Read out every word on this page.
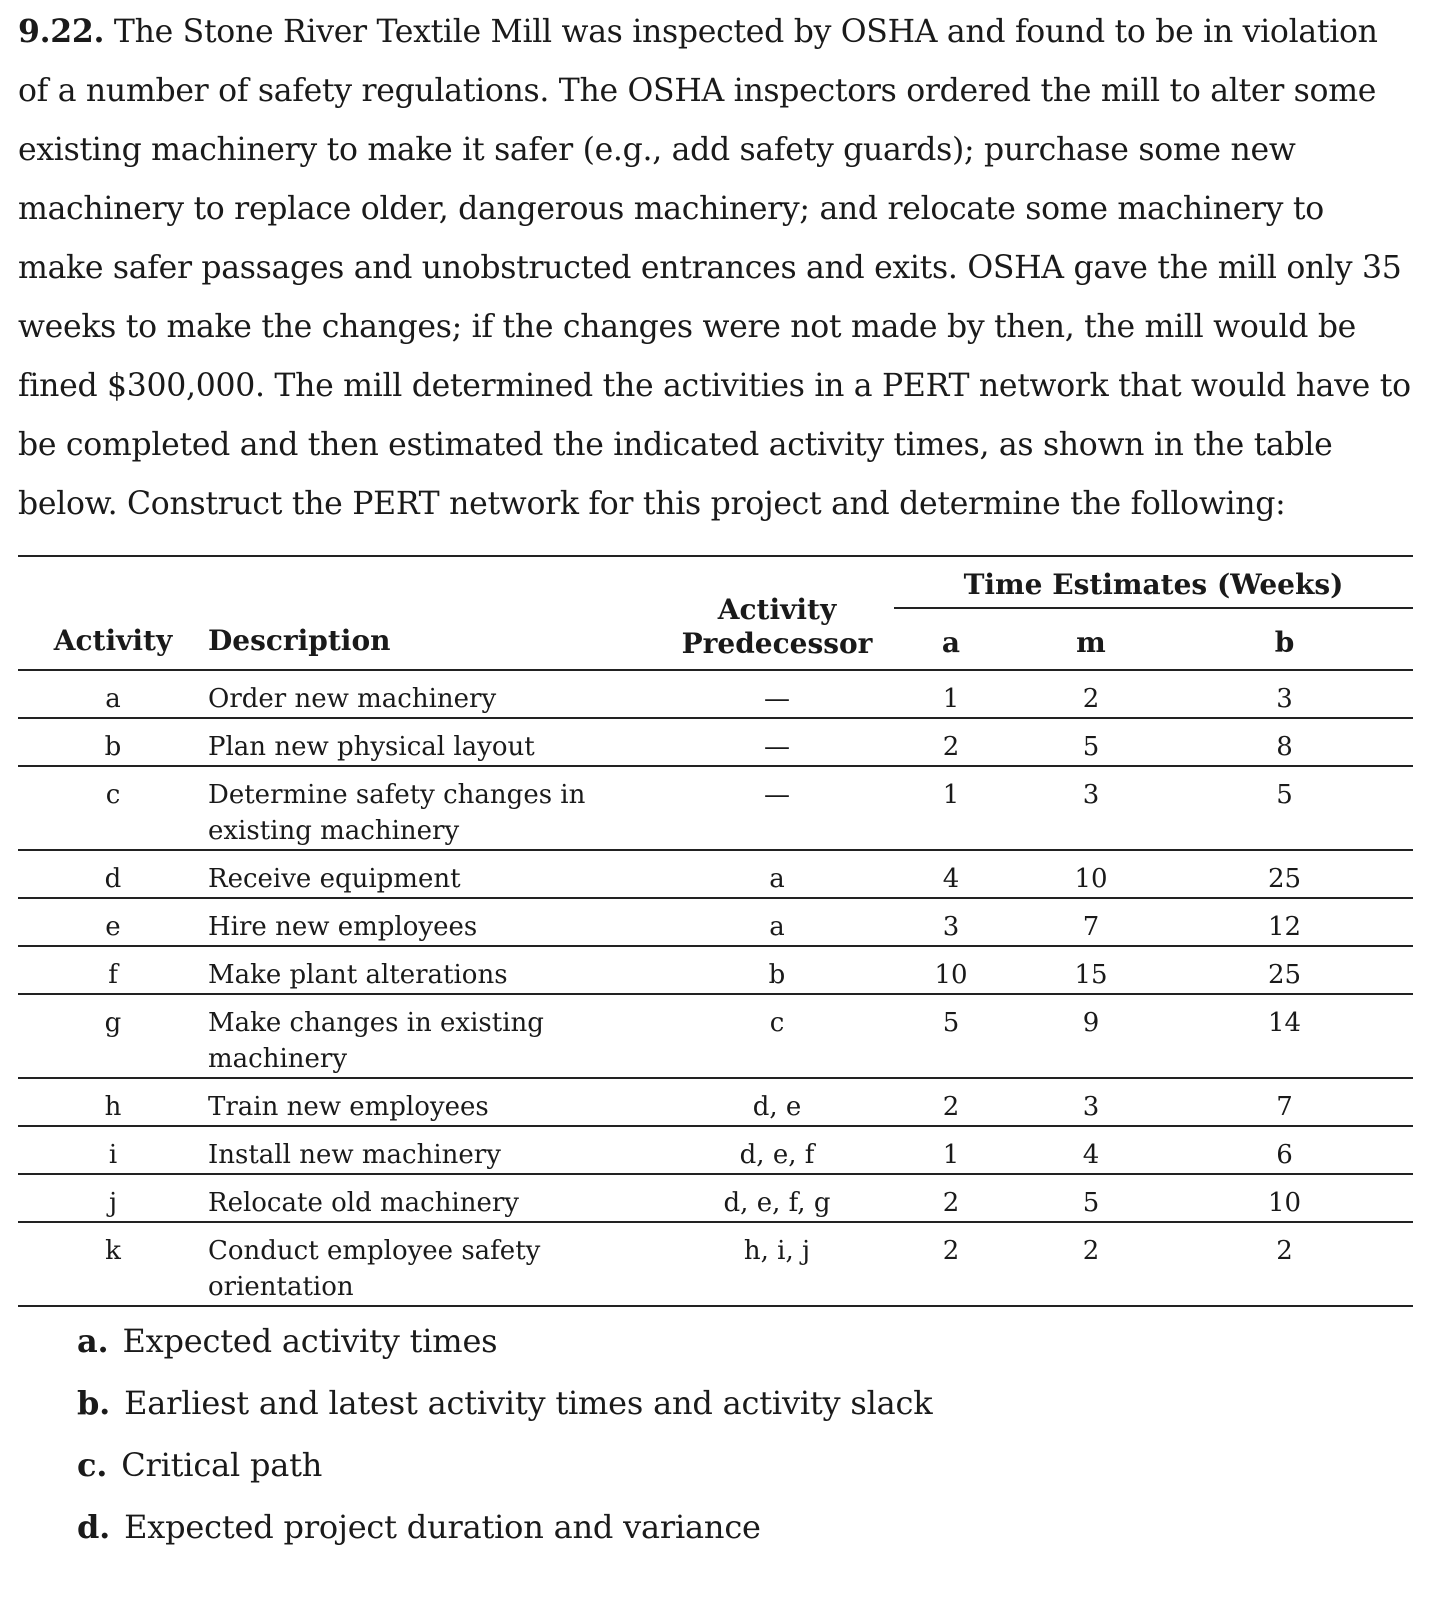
9.22. The Stone River Textile Mill was inspected by OSHA and found to be in violation of a number of safety regulations. The OSHA inspectors ordered the mill to alter some existing machinery to make it safer (e.g., add safety guards); purchase some new machinery to replace older, dangerous machinery; and relocate some machinery to make safer passages and unobstructed entrances and exits. OSHA gave the mill only 35 weeks to make the changes; if the changes were not made by then, the mill would be fined $300,000. The mill determined the activities in a PERT network that would have to be completed and then estimated the indicated activity times, as shown in the table below. Construct the PERT network for this project and determine the following:

Activity	Description	Activity
Predecessor	Time Estimates (Weeks)		

			a	m	b
a	Order new machinery	—	1	2	3
b	Plan new physical layout	—	2	5	8
c	Determine safety changes in existing machinery	—	1	3	5
d	Receive equipment	a	4	10	25
e	Hire new employees	a	3	7	12
f	Make plant alterations	b	10	15	25
g	Make changes in existing machinery	c	5	9	14
h	Train new employees	d, e	2	3	7
i	Install new machinery	d, e, f	1	4	6
j	Relocate old machinery	d, e, f, g	2	5	10
k	Conduct employee safety orientation	h, i, j	2	2	2
a. Expected activity times
b. Earliest and latest activity times and activity slack
c. Critical path
d. Expected project duration and variance
